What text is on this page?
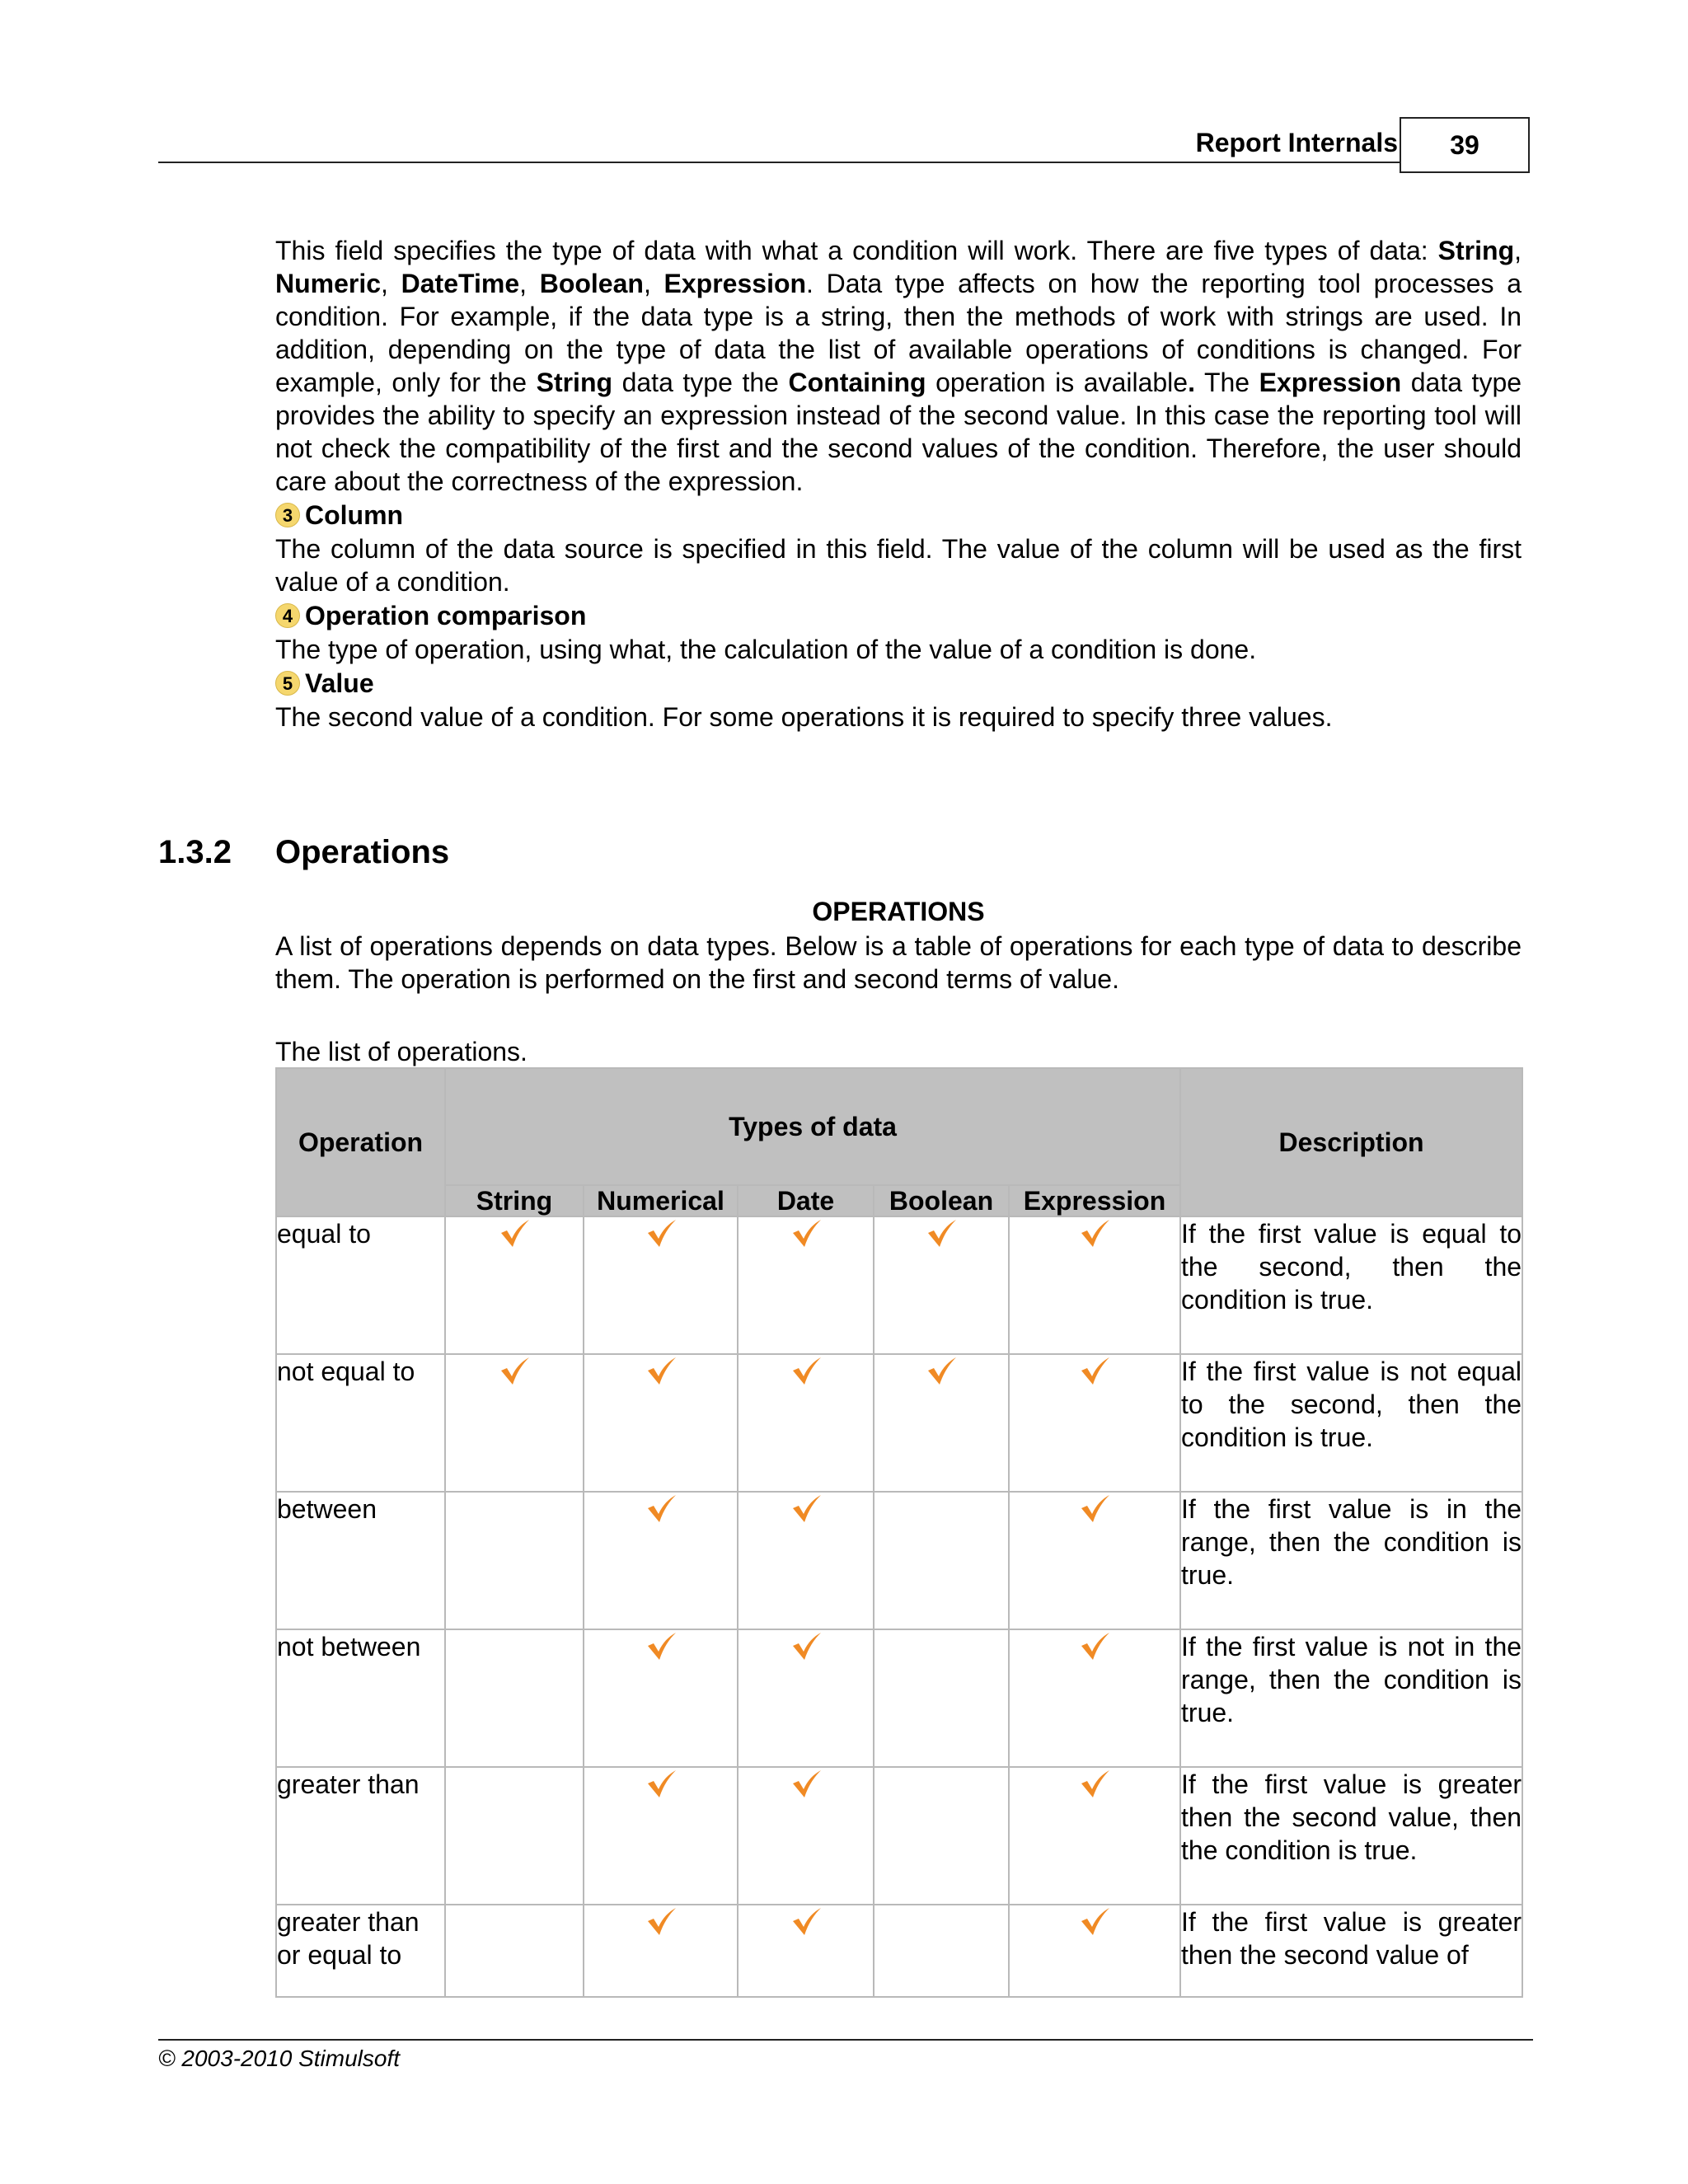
Report Internals	39
This field specifies the type of data with what a condition will work. There are five types of data: String, Numeric, DateTime, Boolean, Expression. Data type affects on how the reporting tool processes a condition. For example, if the data type is a string, then the methods of work with strings are used. In addition, depending on the type of data the list of available operations of conditions is changed. For example, only for the String data type the Containing operation is available. The Expression data type provides the ability to specify an expression instead of the second value. In this case the reporting tool will not check the compatibility of the first and the second values of the condition. Therefore, the user should care about the correctness of the expression.
3 Column
The column of the data source is specified in this field. The value of the column will be used as the first value of a condition.
4 Operation comparison
The type of operation, using what, the calculation of the value of a condition is done.
5 Value
The second value of a condition. For some operations it is required to specify three values.
1.3.2 Operations
OPERATIONS
A list of operations depends on data types. Below is a table of operations for each type of data to describe them. The operation is performed on the first and second terms of value.
The list of operations.
Operation	Types of data					Description
	String	Numerical	Date	Boolean	Expression	
equal to						If the first value is equal to the second, then the condition is true.
not equal to						If the first value is not equal to the second, then the condition is true.
between						If the first value is in the range, then the condition is true.
not between						If the first value is not in the range, then the condition is true.
greater than						If the first value is greater then the second value, then the condition is true.
greater than or equal to						If the first value is greater then the second value of
© 2003-2010 Stimulsoft
